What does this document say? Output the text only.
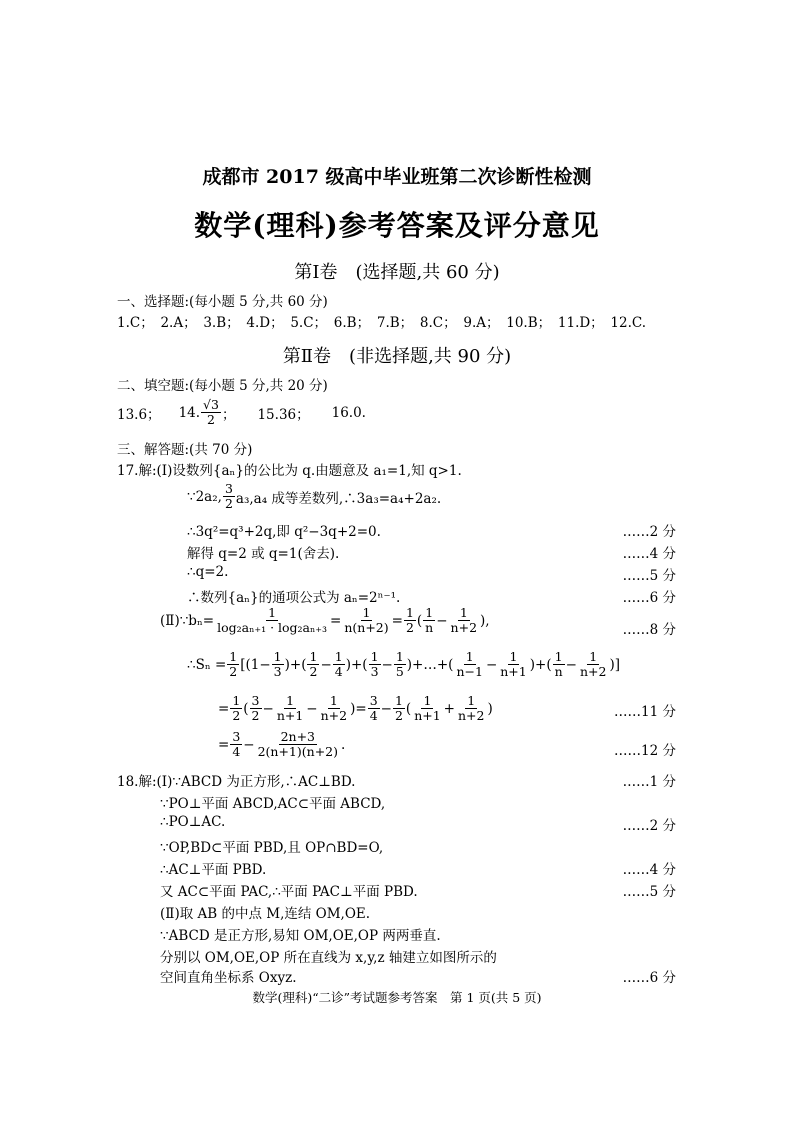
成都市 2017 级高中毕业班第二次诊断性检测
数学(理科)参考答案及评分意见
第Ⅰ卷　(选择题,共 60 分)
一、选择题:(每小题 5 分,共 60 分)
1.C；　2.A；　3.B；　4.D；　5.C；　6.B；　7.B；　8.C；　9.A；　10.B；　11.D；　12.C.
第Ⅱ卷　(非选择题,共 90 分)
二、填空题:(每小题 5 分,共 20 分)
13.6； 14. $\frac{√3}{2}$ ； 15.36； 16.0.
三、解答题:(共 70 分)
17.解:(Ⅰ)设数列{aₙ}的公比为 q.由题意及 a₁=1,知 q>1.
∵2a₂, $\frac{3}{2} a_3,a_4$ 成等差数列,∴3a₃=a₄+2a₂.
∴3q²=q³+2q,即 q²−3q+2=0.	……2 分
解得 q=2 或 q=1(舍去).	……4 分
∴q=2.	……5 分
∴数列{aₙ}的通项公式为 aₙ=2ⁿ⁻¹.	……6 分
(Ⅱ)∵bₙ= $\frac{1}{\text{log₂aₙ₊₁ · log₂aₙ₊₃}} = \frac{1}{n(n+2)} = \frac{1}{2}$ ( $\frac{1}{n} - \frac{1}{n+2}$ ),
……8 分
∴Sₙ = $\frac{1}{2} [(1- \frac{1}{3}$ )+( $\frac{1}{2} - \frac{1}{4}$ )+( $\frac{1}{3} - \frac{1}{5}$ )+…+( $\frac{1}{n-1} - \frac{1}{n+1}$ )+( $\frac{1}{n} - \frac{1}{n+2}$ )]
= $\frac{1}{2}$ ( $\frac{3}{2} - \frac{1}{n+1} - \frac{1}{n+2}$ )= $\frac{3}{4} - \frac{1}{2}$ ( $\frac{1}{n+1} + \frac{1}{n+2}$ )	……11 分
= $\frac{3}{4} - \frac{2n+3}{2(n+1)(n+2)}$ .	……12 分
18.解:(Ⅰ)∵ABCD 为正方形,∴AC⊥BD.	……1 分
∵PO⊥平面 ABCD,AC⊂平面 ABCD,
∴PO⊥AC.	……2 分
∵OP,BD⊂平面 PBD,且 OP∩BD=O,
∴AC⊥平面 PBD.	……4 分
又 AC⊂平面 PAC,∴平面 PAC⊥平面 PBD.	……5 分
(Ⅱ)取 AB 的中点 M,连结 OM,OE.
∵ABCD 是正方形,易知 OM,OE,OP 两两垂直.
分别以 OM,OE,OP 所在直线为 x,y,z 轴建立如图所示的
空间直角坐标系 Oxyz.	……6 分
数学(理科)“二诊”考试题参考答案　第 1 页(共 5 页)
